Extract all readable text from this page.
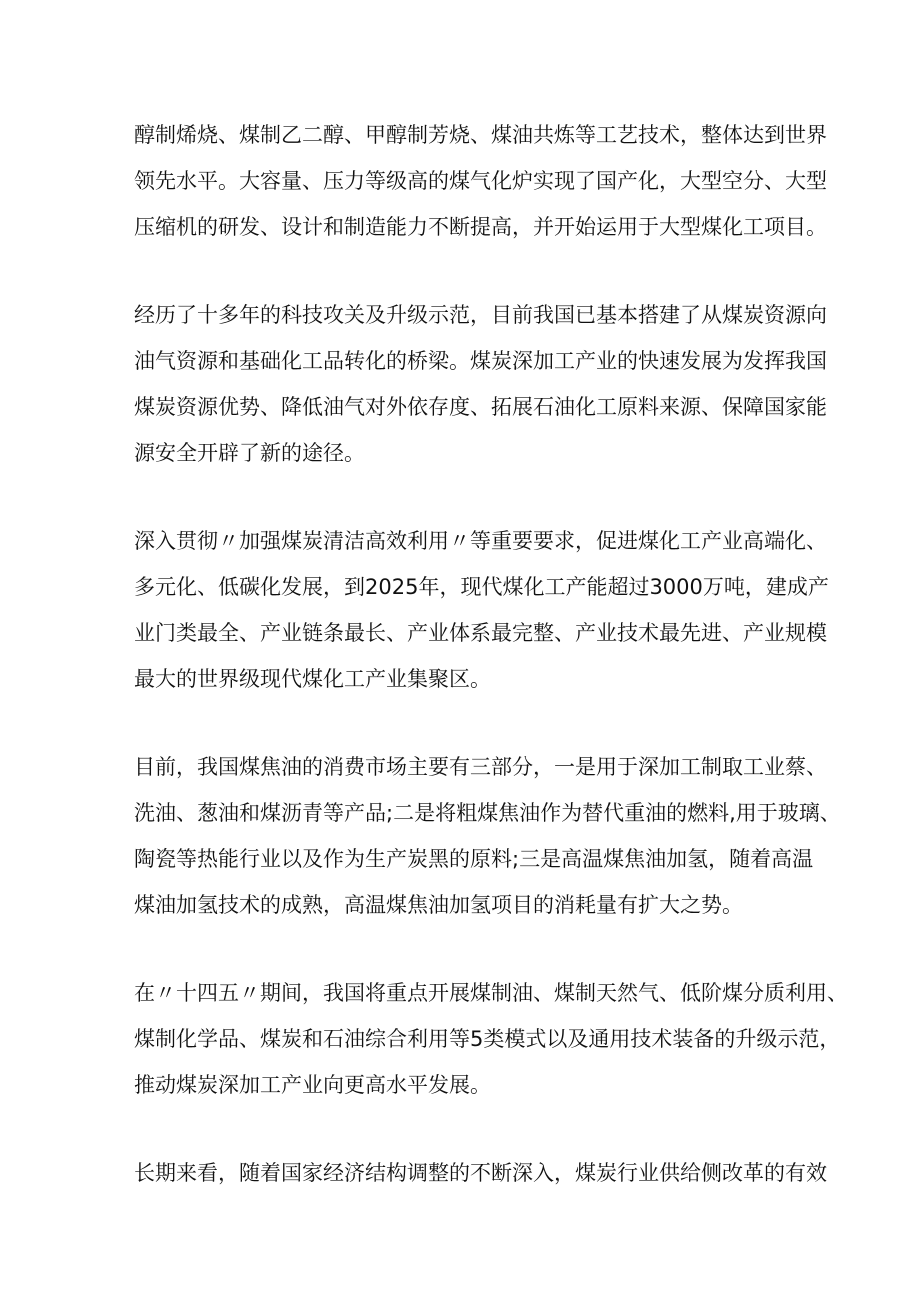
醇制烯烧、煤制乙二醇、甲醇制芳烧、煤油共炼等工艺技术，整体达到世界
领先水平。大容量、压力等级高的煤气化炉实现了国产化，大型空分、大型
压缩机的研发、设计和制造能力不断提高，并开始运用于大型煤化工项目。

经历了十多年的科技攻关及升级示范，目前我国已基本搭建了从煤炭资源向
油气资源和基础化工品转化的桥梁。煤炭深加工产业的快速发展为发挥我国
煤炭资源优势、降低油气对外依存度、拓展石油化工原料来源、保障国家能
源安全开辟了新的途径。

深入贯彻〃加强煤炭清洁高效利用〃等重要要求，促进煤化工产业高端化、
多元化、低碳化发展，到2025年，现代煤化工产能超过3000万吨，建成产
业门类最全、产业链条最长、产业体系最完整、产业技术最先进、产业规模
最大的世界级现代煤化工产业集聚区。

目前，我国煤焦油的消费市场主要有三部分，一是用于深加工制取工业蔡、
洗油、葱油和煤沥青等产品;二是将粗煤焦油作为替代重油的燃料,用于玻璃、
陶瓷等热能行业以及作为生产炭黑的原料;三是高温煤焦油加氢，随着高温
煤油加氢技术的成熟，高温煤焦油加氢项目的消耗量有扩大之势。

在〃十四五〃期间，我国将重点开展煤制油、煤制天然气、低阶煤分质利用、
煤制化学品、煤炭和石油综合利用等5类模式以及通用技术装备的升级示范，
推动煤炭深加工产业向更高水平发展。

长期来看，随着国家经济结构调整的不断深入，煤炭行业供给侧改革的有效
